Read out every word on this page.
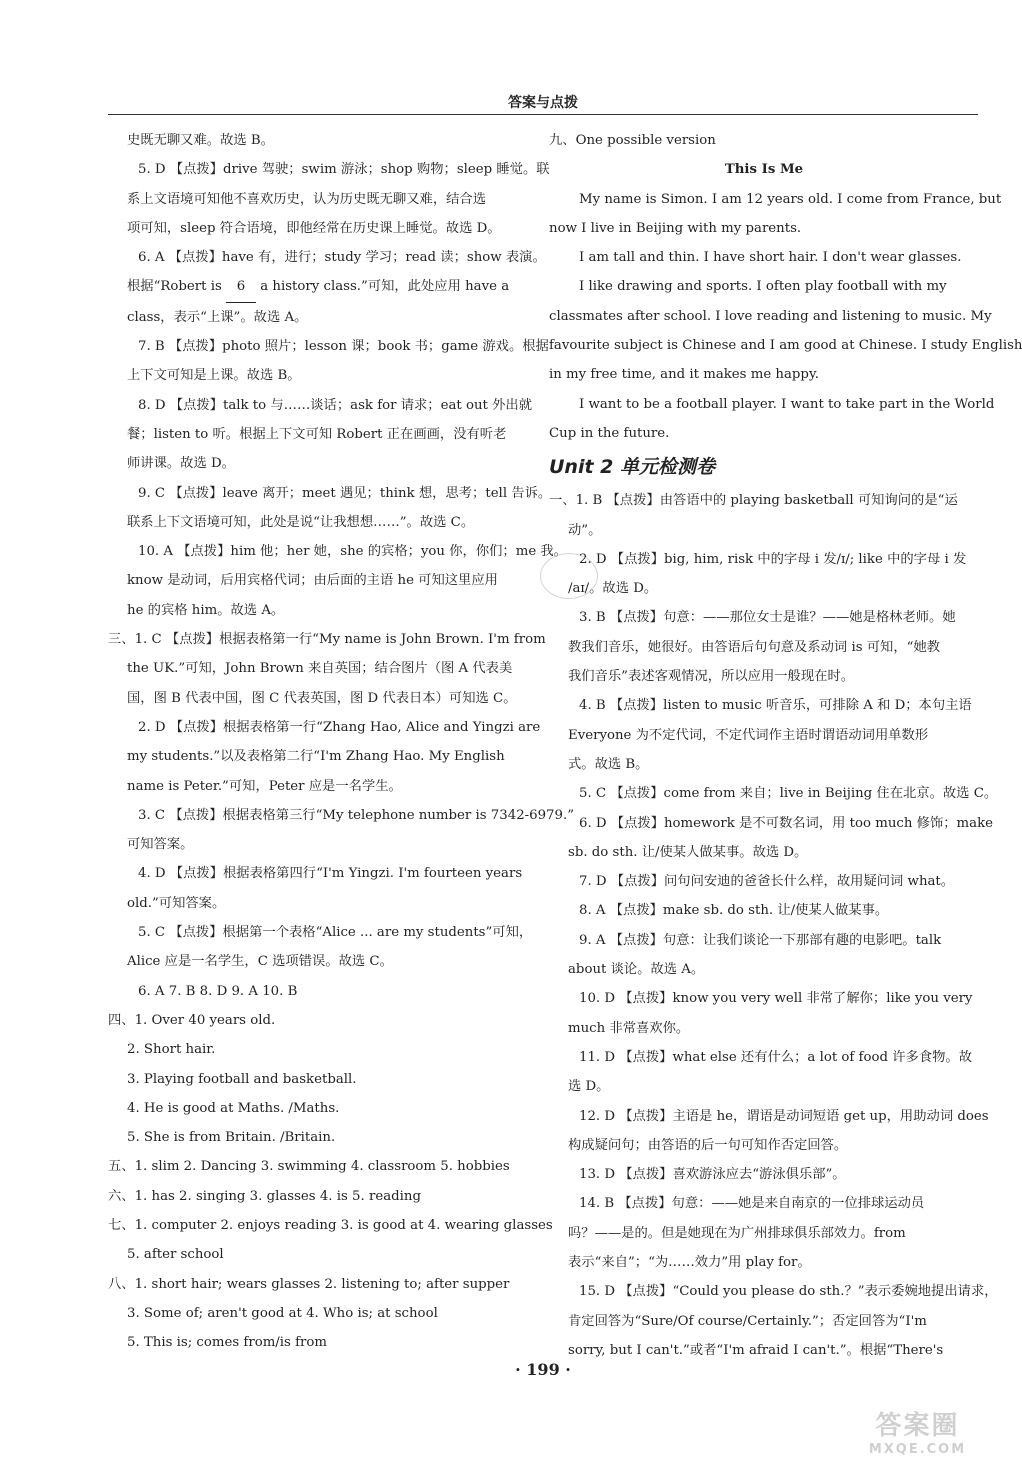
答案与点拨
史既无聊又难。故选 B。
5. D 【点拨】drive 驾驶；swim 游泳；shop 购物；sleep 睡觉。联
系上文语境可知他不喜欢历史，认为历史既无聊又难，结合选
项可知，sleep 符合语境，即他经常在历史课上睡觉。故选 D。
6. A 【点拨】have 有，进行；study 学习；read 读；show 表演。
根据“Robert is 6 a history class.”可知，此处应用 have a
class，表示“上课”。故选 A。
7. B 【点拨】photo 照片；lesson 课；book 书；game 游戏。根据
上下文可知是上课。故选 B。
8. D 【点拨】talk to 与……谈话；ask for 请求；eat out 外出就
餐；listen to 听。根据上下文可知 Robert 正在画画，没有听老
师讲课。故选 D。
9. C 【点拨】leave 离开；meet 遇见；think 想，思考；tell 告诉。
联系上下文语境可知，此处是说“让我想想……”。故选 C。
10. A 【点拨】him 他；her 她，she 的宾格；you 你，你们；me 我。
know 是动词，后用宾格代词；由后面的主语 he 可知这里应用
he 的宾格 him。故选 A。
三、1. C 【点拨】根据表格第一行“My name is John Brown. I'm from
the UK.”可知，John Brown 来自英国；结合图片（图 A 代表美
国，图 B 代表中国，图 C 代表英国，图 D 代表日本）可知选 C。
2. D 【点拨】根据表格第一行“Zhang Hao, Alice and Yingzi are
my students.”以及表格第二行“I'm Zhang Hao. My English
name is Peter.”可知，Peter 应是一名学生。
3. C 【点拨】根据表格第三行“My telephone number is 7342-6979.”
可知答案。
4. D 【点拨】根据表格第四行“I'm Yingzi. I'm fourteen years
old.”可知答案。
5. C 【点拨】根据第一个表格“Alice ... are my students”可知，
Alice 应是一名学生，C 选项错误。故选 C。
6. A 7. B 8. D 9. A 10. B
四、1. Over 40 years old.
2. Short hair.
3. Playing football and basketball.
4. He is good at Maths. /Maths.
5. She is from Britain. /Britain.
五、1. slim 2. Dancing 3. swimming 4. classroom 5. hobbies
六、1. has 2. singing 3. glasses 4. is 5. reading
七、1. computer 2. enjoys reading 3. is good at 4. wearing glasses
5. after school
八、1. short hair; wears glasses 2. listening to; after supper
3. Some of; aren't good at 4. Who is; at school
5. This is; comes from/is from
九、One possible version
This Is Me
My name is Simon. I am 12 years old. I come from France, but
now I live in Beijing with my parents.
I am tall and thin. I have short hair. I don't wear glasses.
I like drawing and sports. I often play football with my
classmates after school. I love reading and listening to music. My
favourite subject is Chinese and I am good at Chinese. I study English
in my free time, and it makes me happy.
I want to be a football player. I want to take part in the World
Cup in the future.
Unit 2 单元检测卷
一、1. B 【点拨】由答语中的 playing basketball 可知询问的是“运
动”。
2. D 【点拨】big, him, risk 中的字母 i 发/ɪ/; like 中的字母 i 发
/aɪ/。故选 D。
3. B 【点拨】句意：——那位女士是谁？——她是格林老师。她
教我们音乐，她很好。由答语后句句意及系动词 is 可知，“她教
我们音乐”表述客观情况，所以应用一般现在时。
4. B 【点拨】listen to music 听音乐，可排除 A 和 D；本句主语
Everyone 为不定代词，不定代词作主语时谓语动词用单数形
式。故选 B。
5. C 【点拨】come from 来自；live in Beijing 住在北京。故选 C。
6. D 【点拨】homework 是不可数名词，用 too much 修饰；make
sb. do sth. 让/使某人做某事。故选 D。
7. D 【点拨】问句问安迪的爸爸长什么样，故用疑问词 what。
8. A 【点拨】make sb. do sth. 让/使某人做某事。
9. A 【点拨】句意：让我们谈论一下那部有趣的电影吧。talk
about 谈论。故选 A。
10. D 【点拨】know you very well 非常了解你；like you very
much 非常喜欢你。
11. D 【点拨】what else 还有什么；a lot of food 许多食物。故
选 D。
12. D 【点拨】主语是 he，谓语是动词短语 get up，用助动词 does
构成疑问句；由答语的后一句可知作否定回答。
13. D 【点拨】喜欢游泳应去“游泳俱乐部”。
14. B 【点拨】句意：——她是来自南京的一位排球运动员
吗？——是的。但是她现在为广州排球俱乐部效力。from
表示“来自”；“为……效力”用 play for。
15. D 【点拨】“Could you please do sth.？”表示委婉地提出请求，
肯定回答为“Sure/Of course/Certainly.”；否定回答为“I'm
sorry, but I can't.”或者“I'm afraid I can't.”。根据“There's
· 199 ·
答案圈
MXQE.COM
